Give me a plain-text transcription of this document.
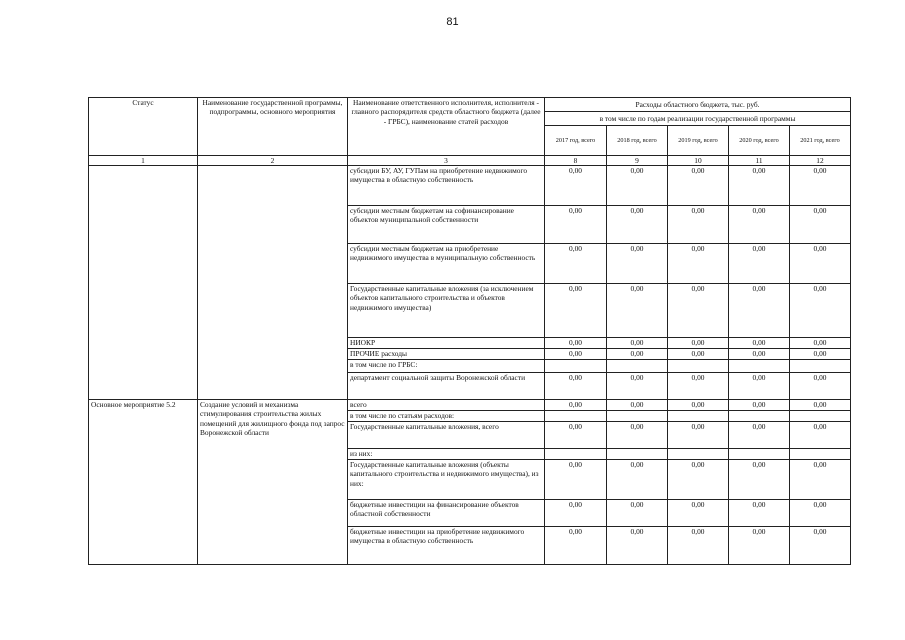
81
Статус	Наименование государственной программы, подпрограммы, основного мероприятия	Наименование ответственного исполнителя, исполнителя - главного распорядителя средств областного бюджета (далее - ГРБС), наименование статей расходов	Расходы областного бюджета, тыс. руб.				
			в том числе по годам реализации государственной программы				
			2017 год, всего	2018 год, всего	2019 год, всего	2020 год, всего	2021 год, всего
1	2	3	8	9	10	11	12
		субсидии БУ, АУ, ГУПам на приобретение недвижимого имущества в областную собственность	0,00	0,00	0,00	0,00	0,00
		субсидии местным бюджетам на софинансирование объектов муниципальной собственности	0,00	0,00	0,00	0,00	0,00
		субсидии местным бюджетам на приобретение недвижимого имущества в муниципальную собственность	0,00	0,00	0,00	0,00	0,00
		Государственные капитальные вложения (за исключением объектов капитального строительства и объектов недвижимого имущества)	0,00	0,00	0,00	0,00	0,00
		НИОКР	0,00	0,00	0,00	0,00	0,00
		ПРОЧИЕ расходы	0,00	0,00	0,00	0,00	0,00
		в том числе по ГРБС:					
		департамент социальной защиты Воронежской области	0,00	0,00	0,00	0,00	0,00
Основное мероприятие 5.2	Создание условий и механизма стимулирования строительства жилых помещений для жилищного фонда под запрос Воронежской области	всего	0,00	0,00	0,00	0,00	0,00
		в том числе по статьям расходов:					
		Государственные капитальные вложения, всего	0,00	0,00	0,00	0,00	0,00
		из них:					
		Государственные капитальные вложения (объекты капитального строительства и недвижимого имущества), из них:	0,00	0,00	0,00	0,00	0,00
		бюджетные инвестиции на финансирование объектов областной собственности	0,00	0,00	0,00	0,00	0,00
		бюджетные инвестиции на приобретение недвижимого имущества в областную собственность	0,00	0,00	0,00	0,00	0,00
